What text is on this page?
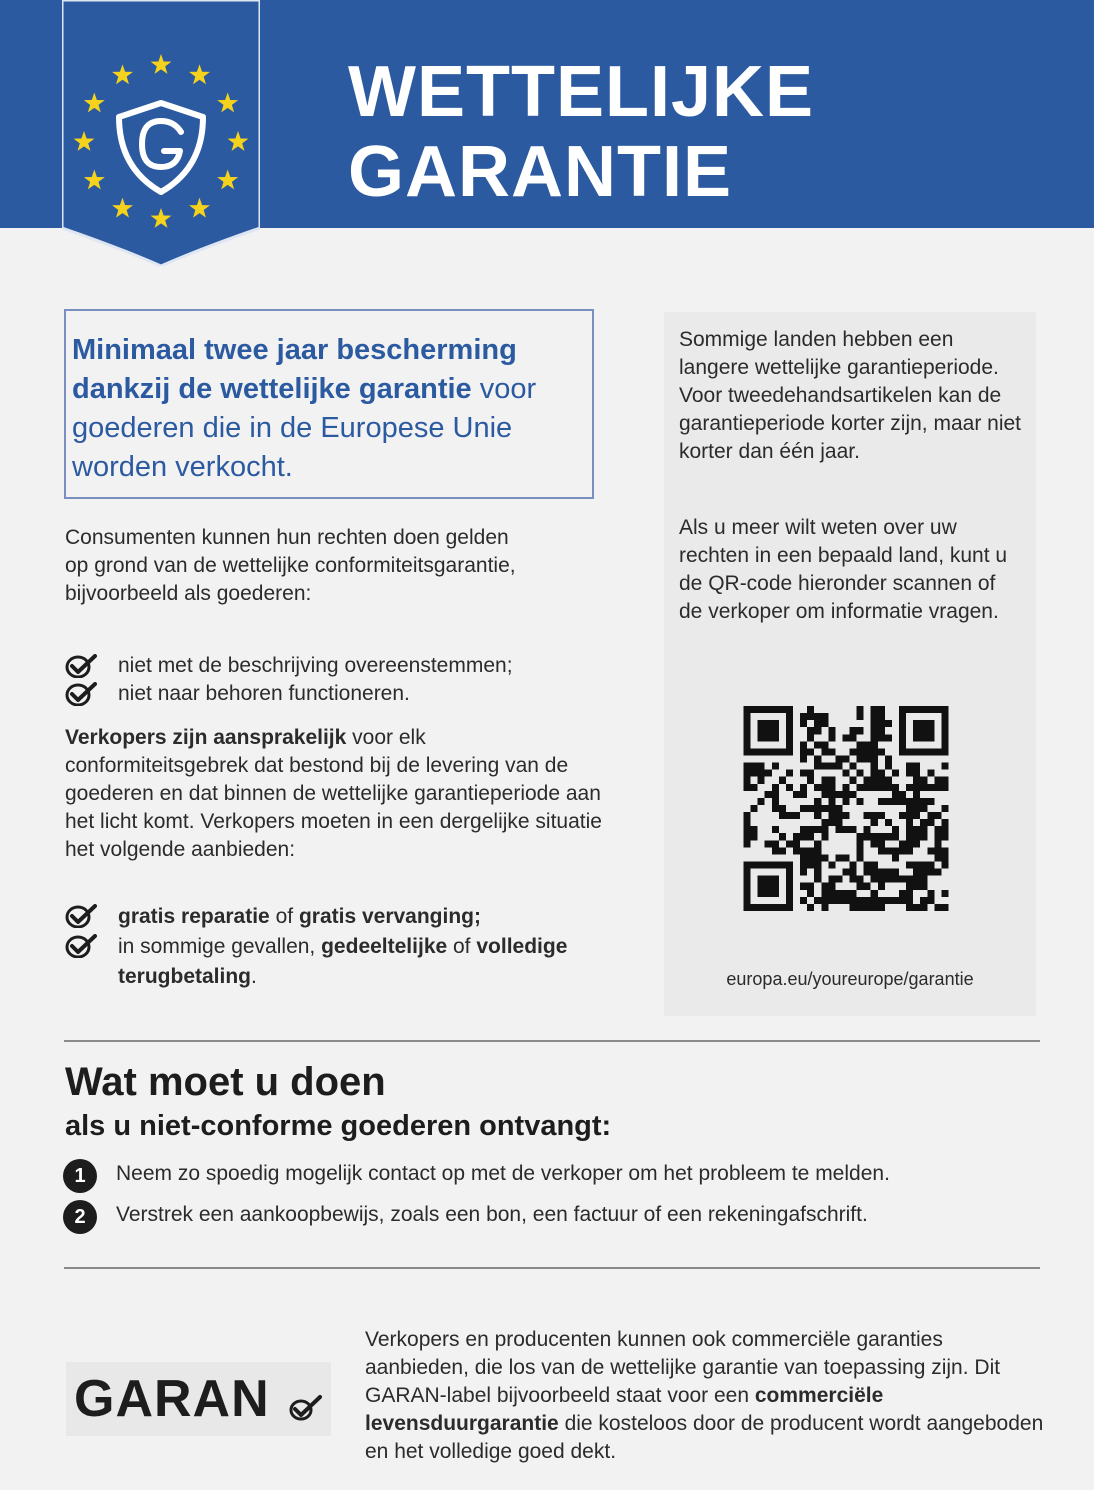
WETTELIJKE
GARANTIE
Minimaal twee jaar bescherming dankzij de wettelijke garantie voor goederen die in de Europese Unie worden verkocht.
Consumenten kunnen hun rechten doen gelden op grond van de wettelijke conformiteitsgarantie, bijvoorbeeld als goederen:
niet met de beschrijving overeenstemmen;
niet naar behoren functioneren.
Verkopers zijn aansprakelijk voor elk conformiteitsgebrek dat bestond bij de levering van de goederen en dat binnen de wettelijke garantieperiode aan het licht komt. Verkopers moeten in een dergelijke situatie het volgende aanbieden:
gratis reparatie of gratis vervanging;
in sommige gevallen, gedeeltelijke of volledige terugbetaling.

Sommige landen hebben een langere wettelijke garantieperiode. Voor tweedehandsartikelen kan de garantieperiode korter zijn, maar niet korter dan één jaar.

Als u meer wilt weten over uw rechten in een bepaald land, kunt u de QR-code hieronder scannen of de verkoper om informatie vragen.

europa.eu/youreurope/garantie
Wat moet u doen
als u niet-conforme goederen ontvangt:
1	Neem zo spoedig mogelijk contact op met de verkoper om het probleem te melden.
2	Verstrek een aankoopbewijs, zoals een bon, een factuur of een rekeningafschrift.
GARAN
Verkopers en producenten kunnen ook commerciële garanties aanbieden, die los van de wettelijke garantie van toepassing zijn. Dit GARAN-label bijvoorbeeld staat voor een commerciële levensduurgarantie die kosteloos door de producent wordt aangeboden en het volledige goed dekt.
